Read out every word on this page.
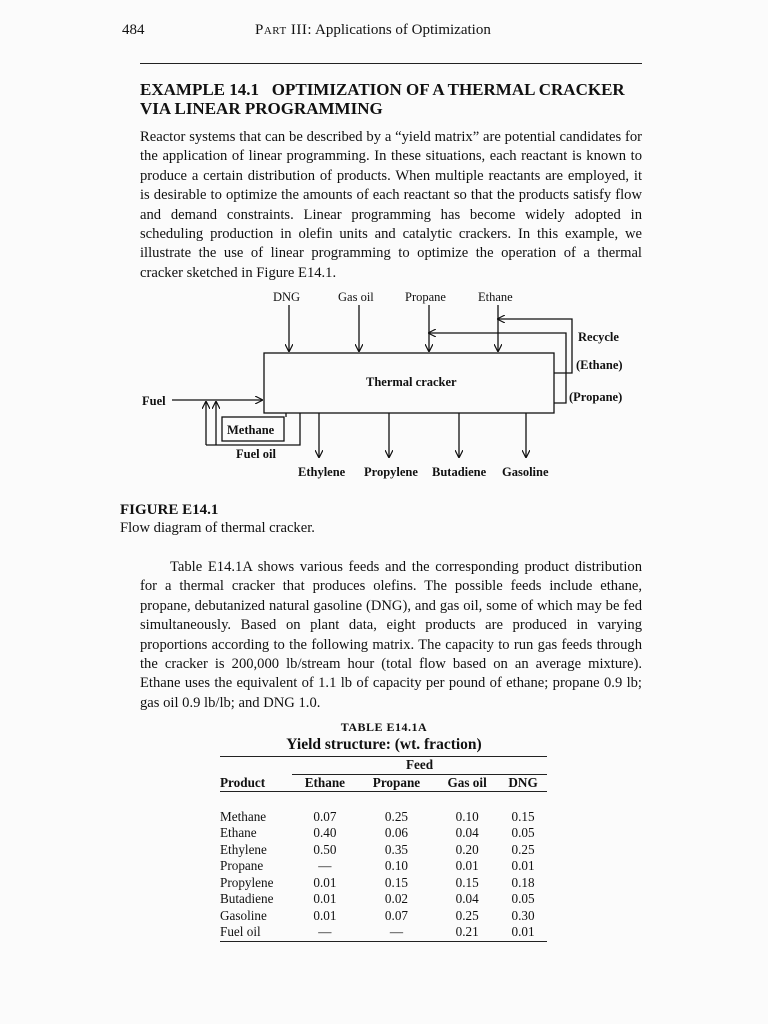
484	Part III: Applications of Optimization
EXAMPLE 14.1   OPTIMIZATION OF A THERMAL CRACKER
VIA LINEAR PROGRAMMING
Reactor systems that can be described by a “yield matrix” are potential candidates for the application of linear programming. In these situations, each reactant is known to produce a certain distribution of products. When multiple reactants are employed, it is desirable to optimize the amounts of each reactant so that the products satisfy flow and demand constraints. Linear programming has become widely adopted in scheduling production in olefin units and catalytic crackers. In this example, we illustrate the use of linear programming to optimize the operation of a thermal cracker sketched in Figure E14.1.
DNG	Gas oil Propane	Ethane
Recycle
(Ethane)
(Propane)
Thermal cracker
Fuel
Methane
Fuel oil
Ethylene Propylene Butadiene Gasoline
FIGURE E14.1
Flow diagram of thermal cracker.
Table E14.1A shows various feeds and the corresponding product distribution for a thermal cracker that produces olefins. The possible feeds include ethane, propane, debutanized natural gasoline (DNG), and gas oil, some of which may be fed simultaneously. Based on plant data, eight products are produced in varying proportions according to the following matrix. The capacity to run gas feeds through the cracker is 200,000 lb/stream hour (total flow based on an average mixture). Ethane uses the equivalent of 1.1 lb of capacity per pound of ethane; propane 0.9 lb; gas oil 0.9 lb/lb; and DNG 1.0.
TABLE E14.1A
Yield structure: (wt. fraction)

	Feed			
Product	Ethane	Propane	Gas oil	DNG

Methane	0.07	0.25	0.10	0.15
Ethane	0.40	0.06	0.04	0.05
Ethylene	0.50	0.35	0.20	0.25
Propane	—	0.10	0.01	0.01
Propylene	0.01	0.15	0.15	0.18
Butadiene	0.01	0.02	0.04	0.05
Gasoline	0.01	0.07	0.25	0.30
Fuel oil	—	—	0.21	0.01
